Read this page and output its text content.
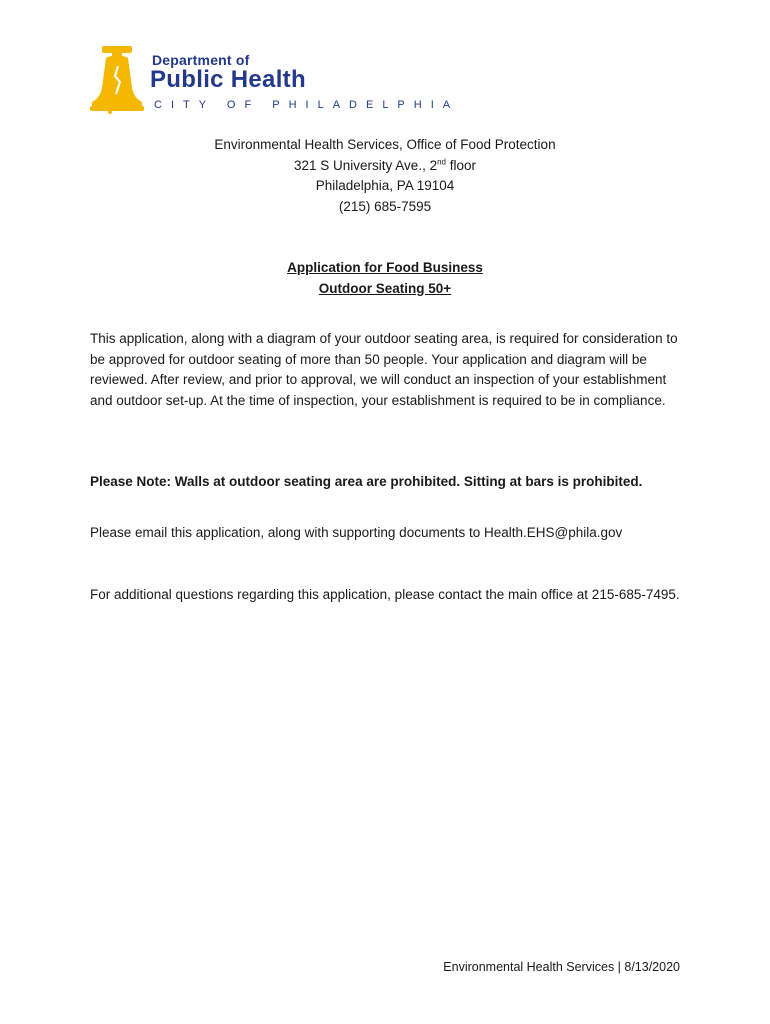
Department of
Public Health
CITY OF PHILADELPHIA
Environmental Health Services, Office of Food Protection
321 S University Ave., 2nd floor
Philadelphia, PA 19104
(215) 685-7595
Application for Food Business
Outdoor Seating 50+
This application, along with a diagram of your outdoor seating area, is required for consideration to be approved for outdoor seating of more than 50 people. Your application and diagram will be reviewed. After review, and prior to approval, we will conduct an inspection of your establishment and outdoor set-up. At the time of inspection, your establishment is required to be in compliance.
Please Note: Walls at outdoor seating area are prohibited. Sitting at bars is prohibited.
Please email this application, along with supporting documents to Health.EHS@phila.gov
For additional questions regarding this application, please contact the main office at 215-685-7495.
Environmental Health Services | 8/13/2020
